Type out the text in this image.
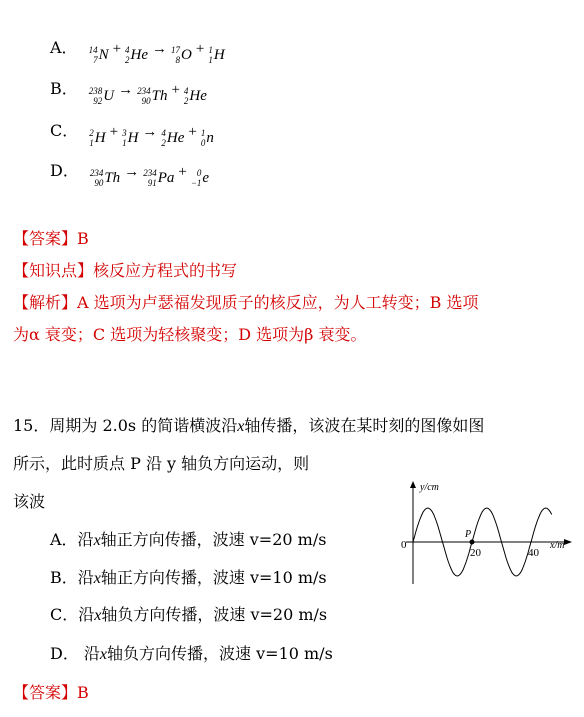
A． 14
7 N + 4
2 He → 17
8 O + 1
1 H
B． 238
92 U → 234
90 Th + 4
2 He
C． 2
1 H + 3
1 H → 4
2 He + 1
0 n
D． 234
90 Th → 234
91 Pa +	0
−1 e
【答案】B
【知识点】核反应方程式的书写
【解析】A 选项为卢瑟福发现质子的核反应，为人工转变；B 选项
为α 衰变；C 选项为轻核聚变；D 选项为β 衰变。
15．周期为 2.0s 的简谐横波沿x轴传播，该波在某时刻的图像如图
所示，此时质点 P 沿 y 轴负方向运动，则
该波
A．沿x轴正方向传播，波速 v=20 m/s
B．沿x轴正方向传播，波速 v=10 m/s
C．沿x轴负方向传播，波速 v=20 m/s
D． 沿x轴负方向传播，波速 v=10 m/s
【答案】B
y/cm
0
20	40
x/m
P
